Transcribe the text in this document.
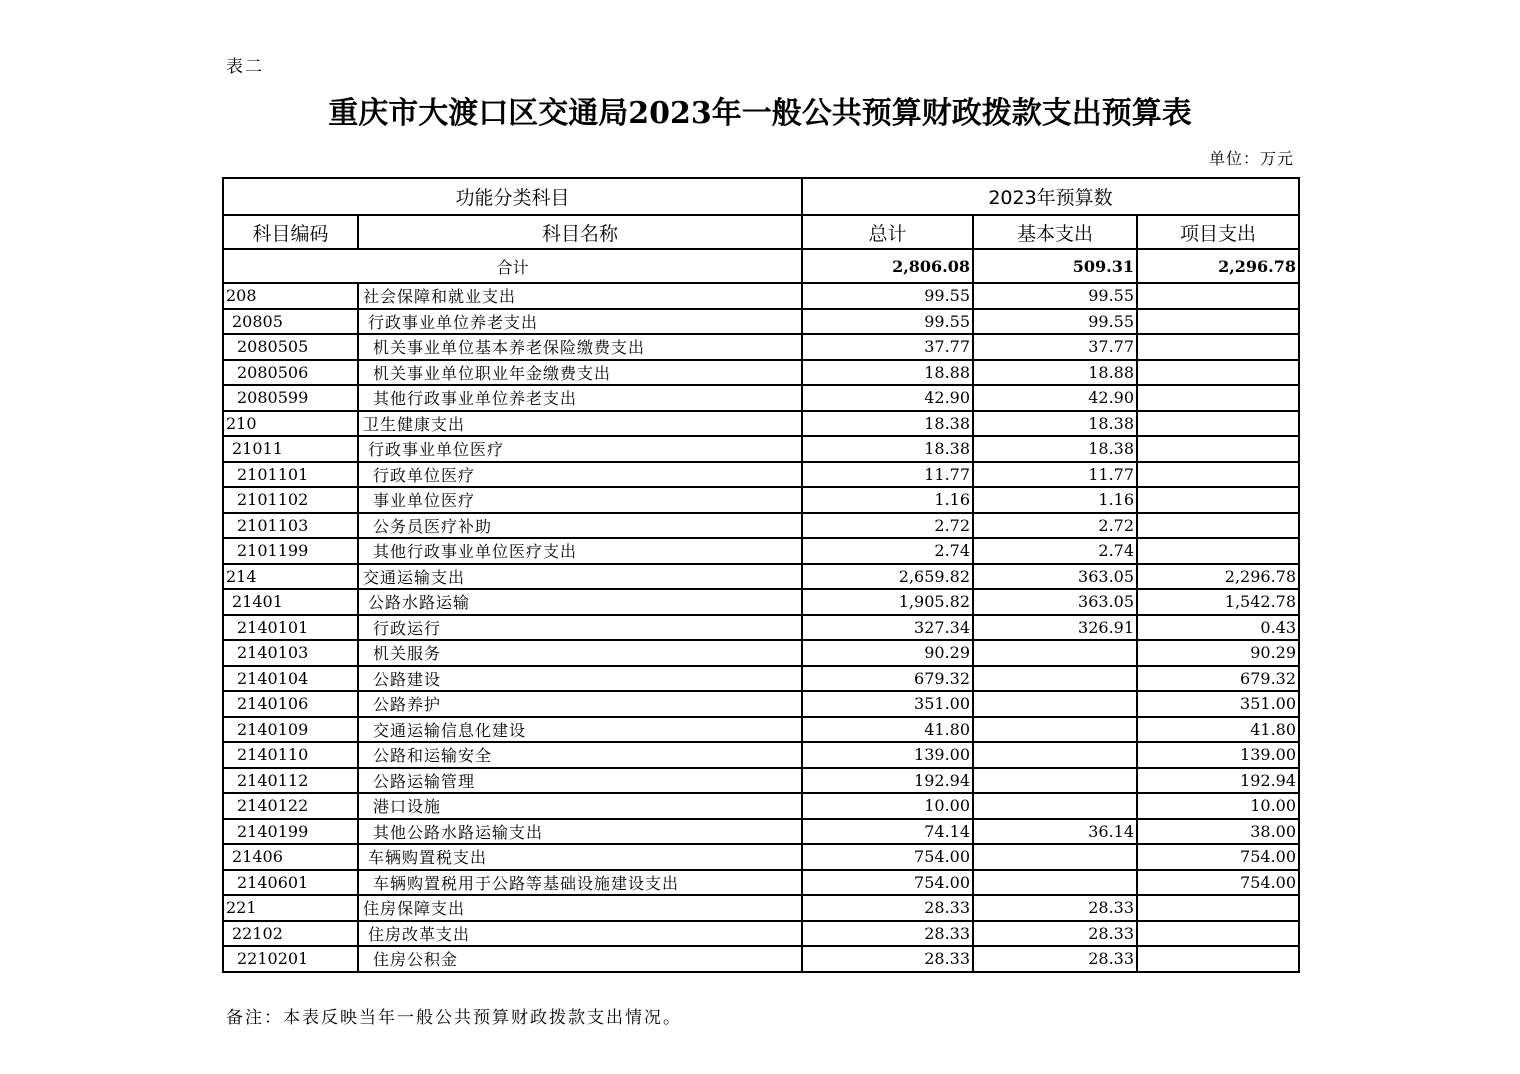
表二
重庆市大渡口区交通局2023年一般公共预算财政拨款支出预算表
单位：万元
功能分类科目		2023年预算数		
科目编码	科目名称	总计	基本支出	项目支出
合计		2,806.08	509.31	2,296.78
208	社会保障和就业支出	99.55	99.55	
20805	行政事业单位养老支出	99.55	99.55	
2080505	机关事业单位基本养老保险缴费支出	37.77	37.77	
2080506	机关事业单位职业年金缴费支出	18.88	18.88	
2080599	其他行政事业单位养老支出	42.90	42.90	
210	卫生健康支出	18.38	18.38	
21011	行政事业单位医疗	18.38	18.38	
2101101	行政单位医疗	11.77	11.77	
2101102	事业单位医疗	1.16	1.16	
2101103	公务员医疗补助	2.72	2.72	
2101199	其他行政事业单位医疗支出	2.74	2.74	
214	交通运输支出	2,659.82	363.05	2,296.78
21401	公路水路运输	1,905.82	363.05	1,542.78
2140101	行政运行	327.34	326.91	0.43
2140103	机关服务	90.29		90.29
2140104	公路建设	679.32		679.32
2140106	公路养护	351.00		351.00
2140109	交通运输信息化建设	41.80		41.80
2140110	公路和运输安全	139.00		139.00
2140112	公路运输管理	192.94		192.94
2140122	港口设施	10.00		10.00
2140199	其他公路水路运输支出	74.14	36.14	38.00
21406	车辆购置税支出	754.00		754.00
2140601	车辆购置税用于公路等基础设施建设支出	754.00		754.00
221	住房保障支出	28.33	28.33	
22102	住房改革支出	28.33	28.33	
2210201	住房公积金	28.33	28.33	
备注：本表反映当年一般公共预算财政拨款支出情况。
